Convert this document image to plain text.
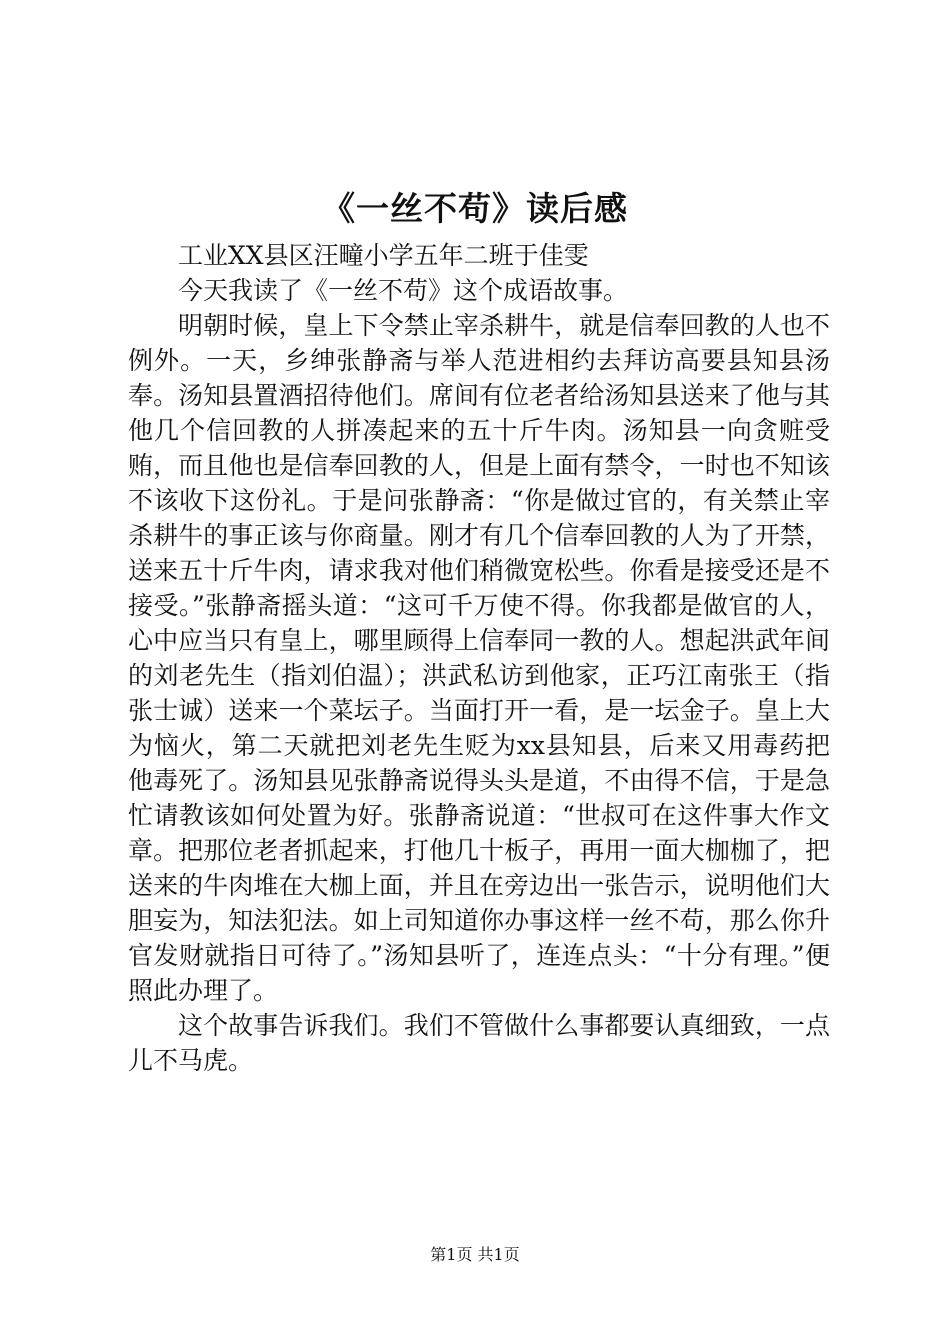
《一丝不苟》读后感

工业XX县区汪疃小学五年二班于佳雯

今天我读了《一丝不苟》这个成语故事。

明朝时候，皇上下令禁止宰杀耕牛，就是信奉回教的人也不例外。一天，乡绅张静斋与举人范进相约去拜访高要县知县汤奉。汤知县置酒招待他们。席间有位老者给汤知县送来了他与其他几个信回教的人拼凑起来的五十斤牛肉。汤知县一向贪赃受贿，而且他也是信奉回教的人，但是上面有禁令，一时也不知该不该收下这份礼。于是问张静斋：“你是做过官的，有关禁止宰杀耕牛的事正该与你商量。刚才有几个信奉回教的人为了开禁，送来五十斤牛肉，请求我对他们稍微宽松些。你看是接受还是不接受。”张静斋摇头道：“这可千万使不得。你我都是做官的人，心中应当只有皇上，哪里顾得上信奉同一教的人。想起洪武年间的刘老先生（指刘伯温）；洪武私访到他家，正巧江南张王（指张士诚）送来一个菜坛子。当面打开一看，是一坛金子。皇上大为恼火，第二天就把刘老先生贬为xx县知县，后来又用毒药把他毒死了。汤知县见张静斋说得头头是道，不由得不信，于是急忙请教该如何处置为好。张静斋说道：“世叔可在这件事大作文章。把那位老者抓起来，打他几十板子，再用一面大枷枷了，把送来的牛肉堆在大枷上面，并且在旁边出一张告示，说明他们大胆妄为，知法犯法。如上司知道你办事这样一丝不苟，那么你升官发财就指日可待了。”汤知县听了，连连点头：“十分有理。”便照此办理了。

这个故事告诉我们。我们不管做什么事都要认真细致，一点儿不马虎。

第1页 共1页
